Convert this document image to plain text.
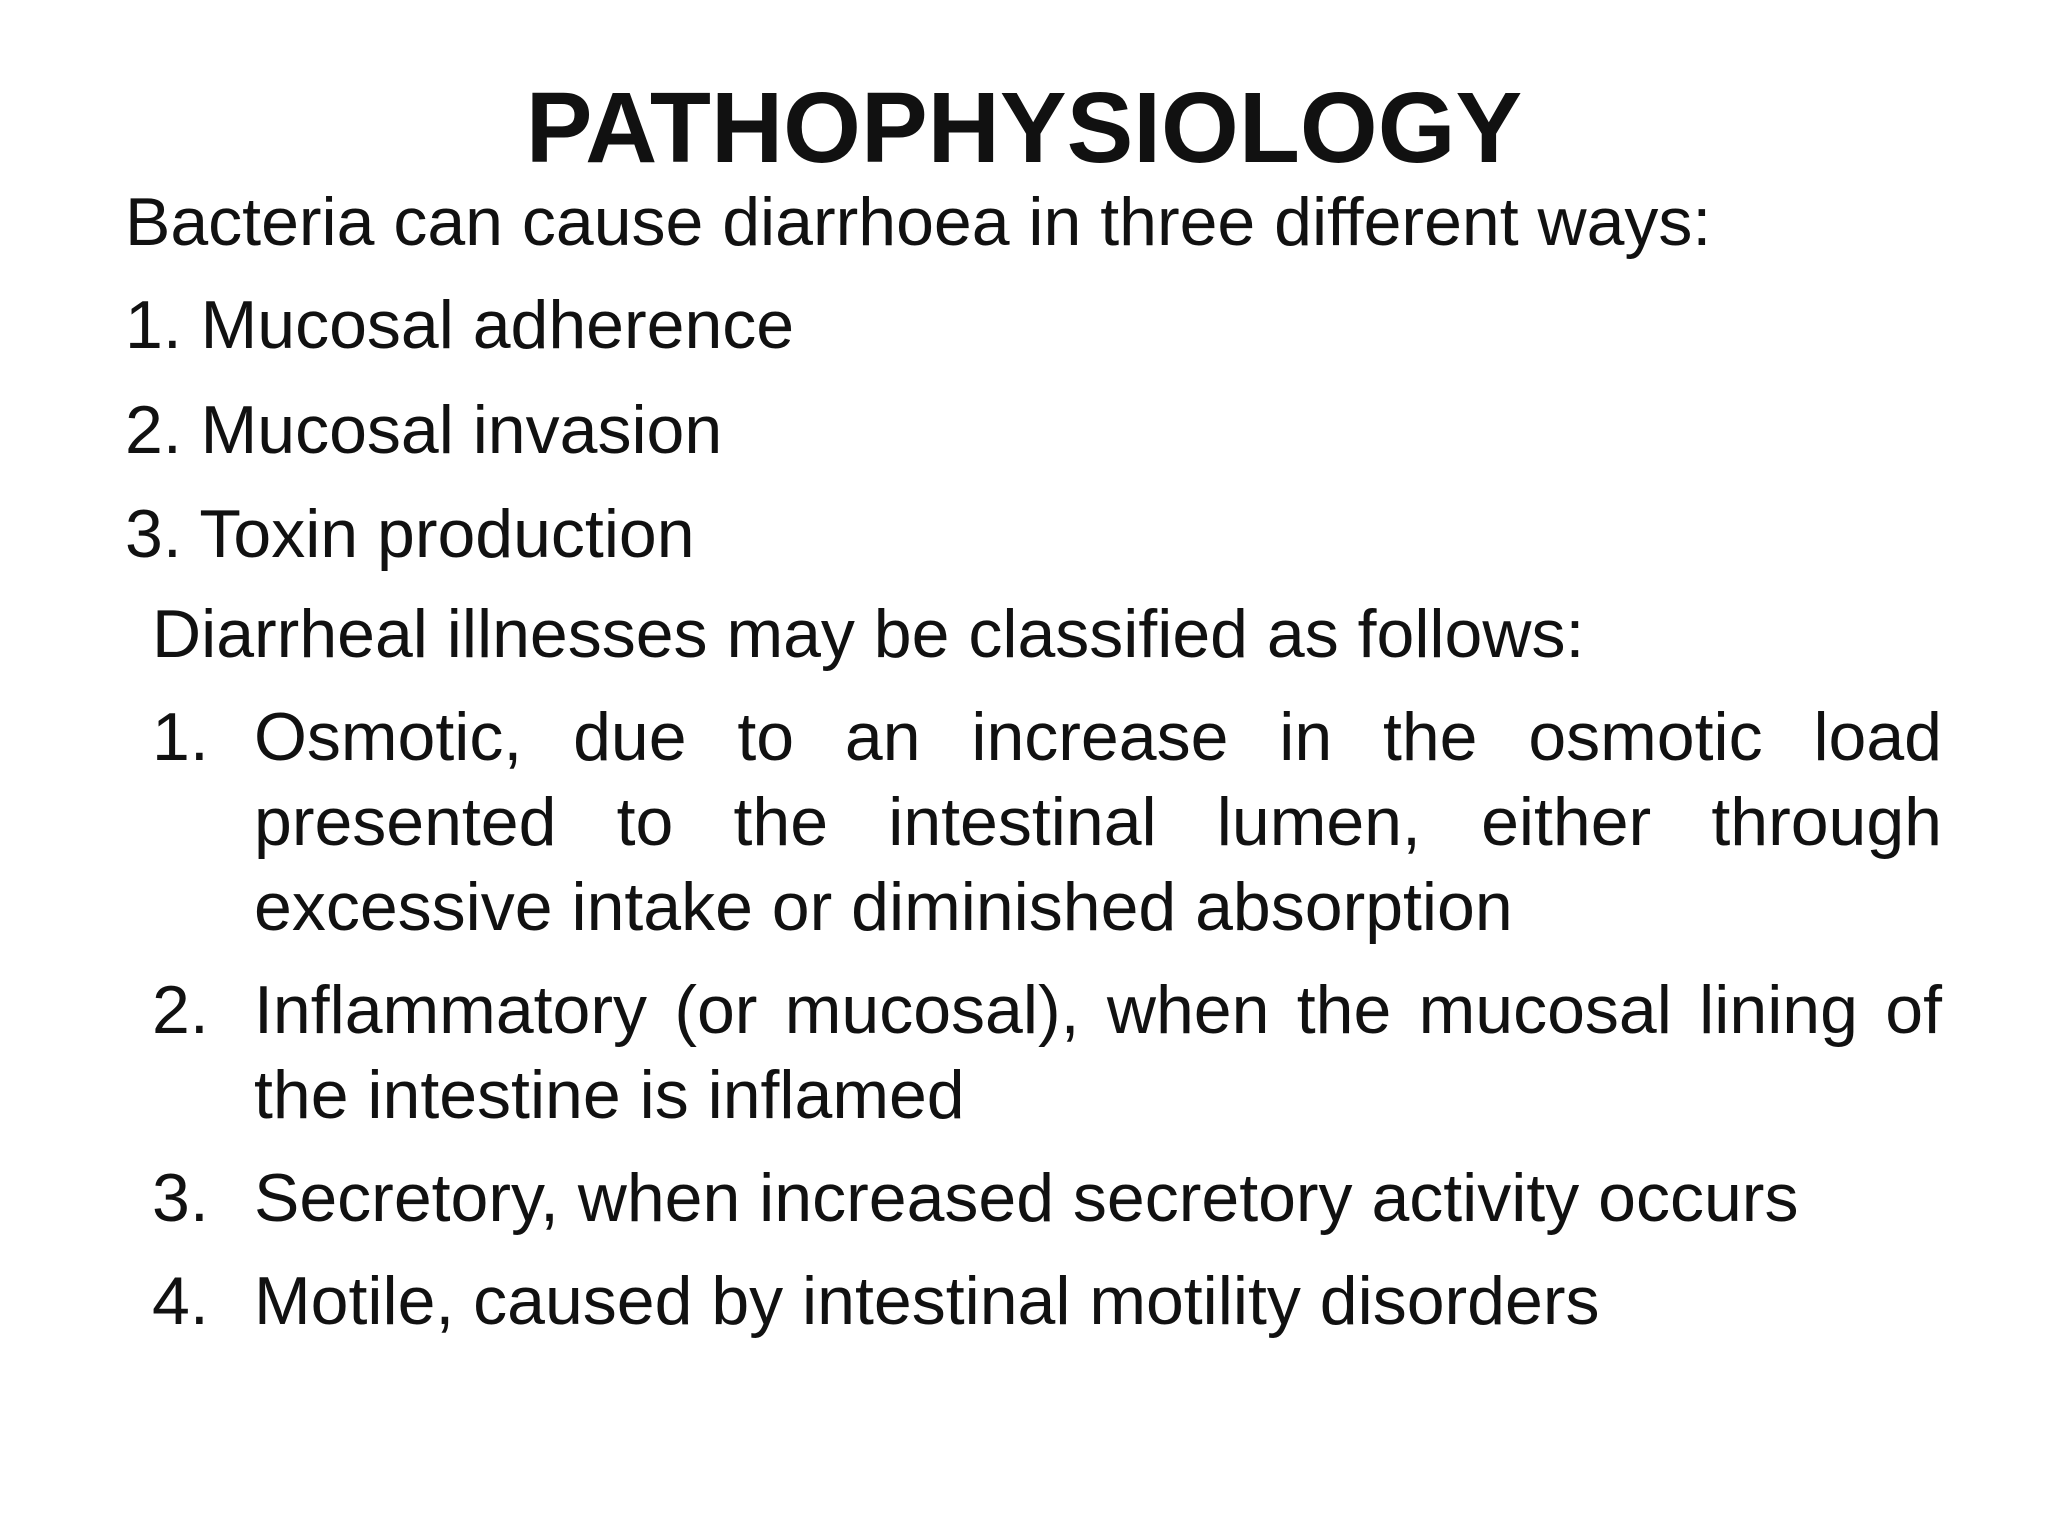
PATHOPHYSIOLOGY
Bacteria can cause diarrhoea in three different ways:
1. Mucosal adherence
2. Mucosal invasion
3. Toxin production
Diarrheal illnesses may be classified as follows:
1. Osmotic, due to an increase in the osmotic load presented to the intestinal lumen, either through excessive intake or diminished absorption
2. Inflammatory (or mucosal), when the mucosal lining of the intestine is inflamed
3. Secretory, when increased secretory activity occurs
4. Motile, caused by intestinal motility disorders
